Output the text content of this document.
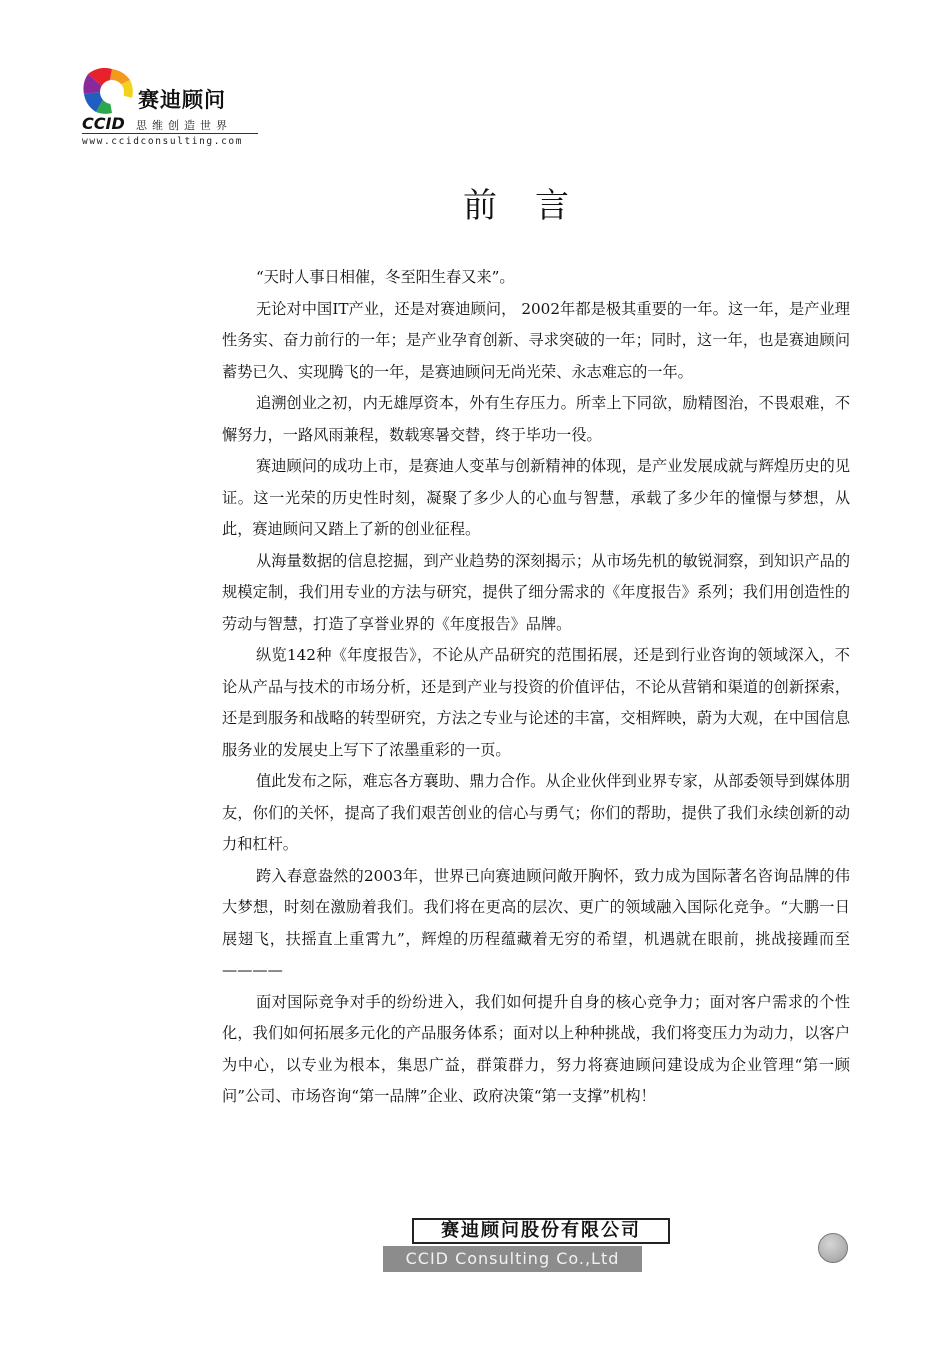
赛迪顾问
CCID 思维创造世界
www.ccidconsulting.com
前言

“天时人事日相催，冬至阳生春又来”。

无论对中国IT产业，还是对赛迪顾问， 2002年都是极其重要的一年。这一年，是产业理性务实、奋力前行的一年；是产业孕育创新、寻求突破的一年；同时，这一年，也是赛迪顾问蓄势已久、实现腾飞的一年，是赛迪顾问无尚光荣、永志难忘的一年。

追溯创业之初，内无雄厚资本，外有生存压力。所幸上下同欲，励精图治，不畏艰难，不懈努力，一路风雨兼程，数载寒暑交替，终于毕功一役。

赛迪顾问的成功上市，是赛迪人变革与创新精神的体现，是产业发展成就与辉煌历史的见证。这一光荣的历史性时刻，凝聚了多少人的心血与智慧，承载了多少年的憧憬与梦想，从此，赛迪顾问又踏上了新的创业征程。

从海量数据的信息挖掘，到产业趋势的深刻揭示；从市场先机的敏锐洞察，到知识产品的规模定制，我们用专业的方法与研究，提供了细分需求的《年度报告》系列；我们用创造性的劳动与智慧，打造了享誉业界的《年度报告》品牌。

纵览142种《年度报告》，不论从产品研究的范围拓展，还是到行业咨询的领域深入，不论从产品与技术的市场分析，还是到产业与投资的价值评估，不论从营销和渠道的创新探索，还是到服务和战略的转型研究，方法之专业与论述的丰富，交相辉映，蔚为大观，在中国信息服务业的发展史上写下了浓墨重彩的一页。

值此发布之际，难忘各方襄助、鼎力合作。从企业伙伴到业界专家，从部委领导到媒体朋友，你们的关怀，提高了我们艰苦创业的信心与勇气；你们的帮助，提供了我们永续创新的动力和杠杆。

跨入春意盎然的2003年，世界已向赛迪顾问敞开胸怀，致力成为国际著名咨询品牌的伟大梦想，时刻在激励着我们。我们将在更高的层次、更广的领域融入国际化竞争。“大鹏一日展翅飞，扶摇直上重霄九”，辉煌的历程蕴藏着无穷的希望，机遇就在眼前，挑战接踵而至————

面对国际竞争对手的纷纷进入，我们如何提升自身的核心竞争力；面对客户需求的个性化，我们如何拓展多元化的产品服务体系；面对以上种种挑战，我们将变压力为动力，以客户为中心，以专业为根本，集思广益，群策群力，努力将赛迪顾问建设成为企业管理“第一顾问”公司、市场咨询“第一品牌”企业、政府决策“第一支撑”机构！

赛迪顾问股份有限公司
CCID Consulting Co.,Ltd
